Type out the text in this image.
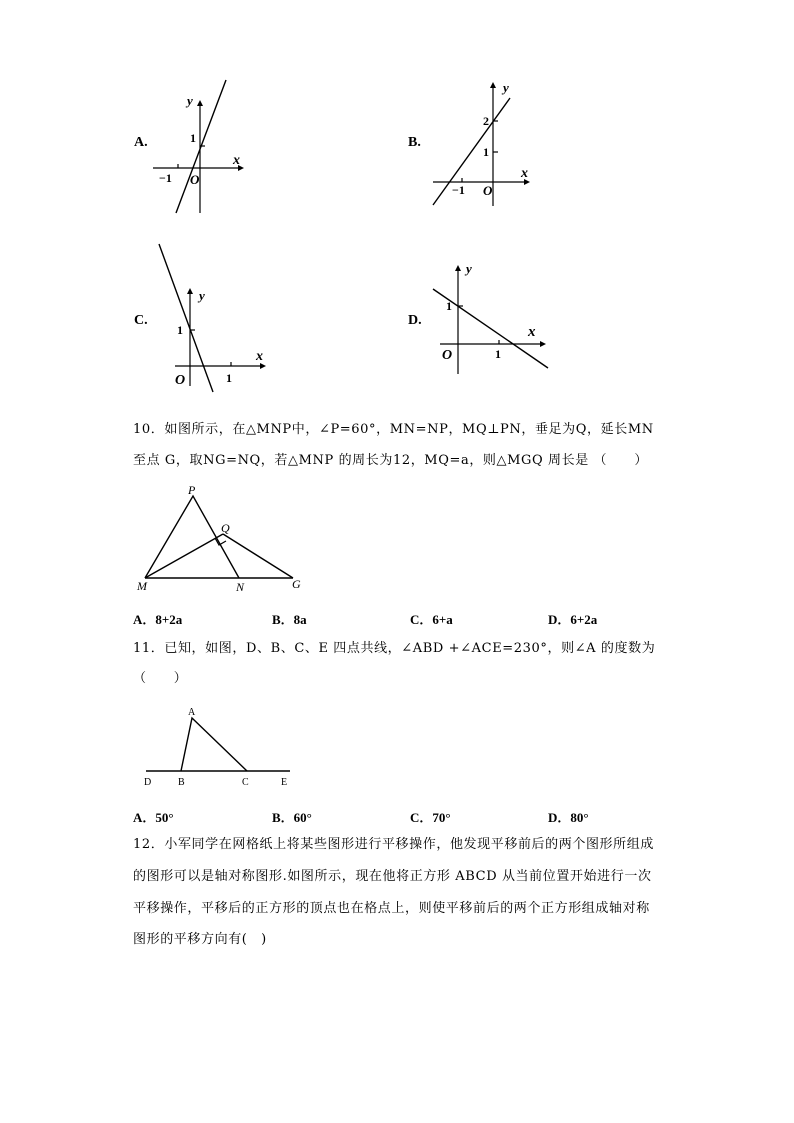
A.
y
x
1
−1 O
B.
y
x
2
1
−1 O
C.
y
x
1
1
O
D.
y
x
1
1
O
10．如图所示，在△MNP中，∠P=60°，MN=NP，MQ⊥PN，垂足为Q，延长MN
至点 G，取NG=NQ，若△MNP 的周长为12，MQ=a，则△MGQ 周长是 （　　）
P
Q
M	N	G
A．8+2a	B．8a	C．6+a	D．6+2a
11．已知，如图，D、B、C、E 四点共线，∠ABD +∠ACE=230°，则∠A 的度数为
（　　）
A
D	B	C	E
A．50°	B．60°	C．70°	D．80°
12．小军同学在网格纸上将某些图形进行平移操作，他发现平移前后的两个图形所组成
的图形可以是轴对称图形.如图所示，现在他将正方形 ABCD 从当前位置开始进行一次
平移操作，平移后的正方形的顶点也在格点上，则使平移前后的两个正方形组成轴对称
图形的平移方向有(　)
